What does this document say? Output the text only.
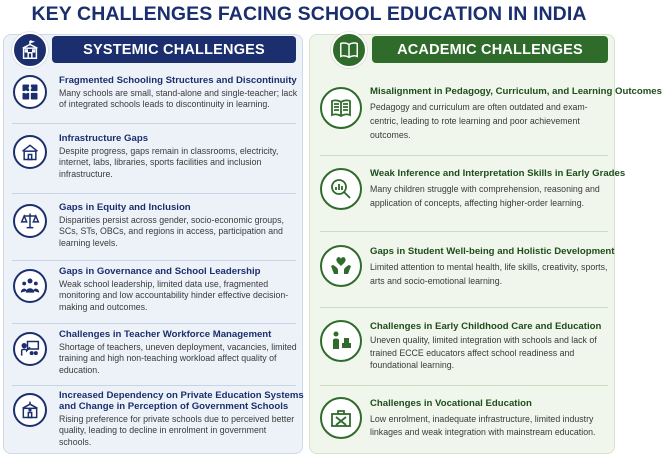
KEY CHALLENGES FACING SCHOOL EDUCATION IN INDIA
SYSTEMIC CHALLENGES
Fragmented Schooling Structures and Discontinuity
Many schools are small, stand-alone and single-teacher; lack of integrated schools leads to discontinuity in learning.
Infrastructure Gaps
Despite progress, gaps remain in classrooms, electricity, internet, labs, libraries, sports facilities and inclusion infrastructure.
Gaps in Equity and Inclusion
Disparities persist across gender, socio-economic groups, SCs, STs, OBCs, and regions in access, participation and learning levels.
Gaps in Governance and School Leadership
Weak school leadership, limited data use, fragmented monitoring and low accountability hinder effective decision-making and outcomes.
Challenges in Teacher Workforce Management
Shortage of teachers, uneven deployment, vacancies, limited training and high non-teaching workload affect quality of education.
Increased Dependency on Private Education Systems
and Change in Perception of Government Schools
Rising preference for private schools due to perceived better quality, leading to decline in enrolment in government schools.
ACADEMIC CHALLENGES
Misalignment in Pedagogy, Curriculum, and Learning Outcomes
Pedagogy and curriculum are often outdated and exam-centric, leading to rote learning and poor achievement outcomes.
Weak Inference and Interpretation Skills in Early Grades
Many children struggle with comprehension, reasoning and application of concepts, affecting higher-order learning.
Gaps in Student Well-being and Holistic Development
Limited attention to mental health, life skills, creativity, sports, arts and socio-emotional learning.
Challenges in Early Childhood Care and Education
Uneven quality, limited integration with schools and lack of trained ECCE educators affect school readiness and foundational learning.
Challenges in Vocational Education
Low enrolment, inadequate infrastructure, limited industry linkages and weak integration with mainstream education.
